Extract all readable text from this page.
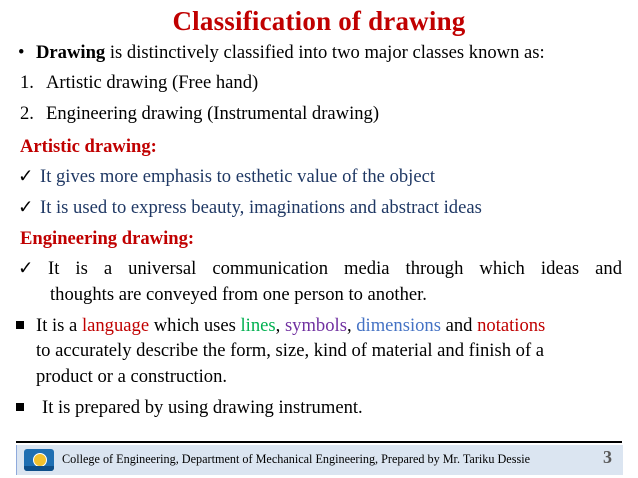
Classification of drawing
• Drawing is distinctively classified into two major classes known as:
1. Artistic drawing (Free hand)
2. Engineering drawing (Instrumental drawing)
Artistic drawing:
✓ It gives more emphasis to esthetic value of the object
✓ It is used to express beauty, imaginations and abstract ideas
Engineering drawing:
✓ It is a universal communication media through which ideas and
thoughts are conveyed from one person to another.
It is a language which uses lines, symbols, dimensions and notations
to accurately describe the form, size, kind of material and finish of a
product or a construction.
It is prepared by using drawing instrument.
College of Engineering, Department of Mechanical Engineering, Prepared by Mr. Tariku Dessie	3
